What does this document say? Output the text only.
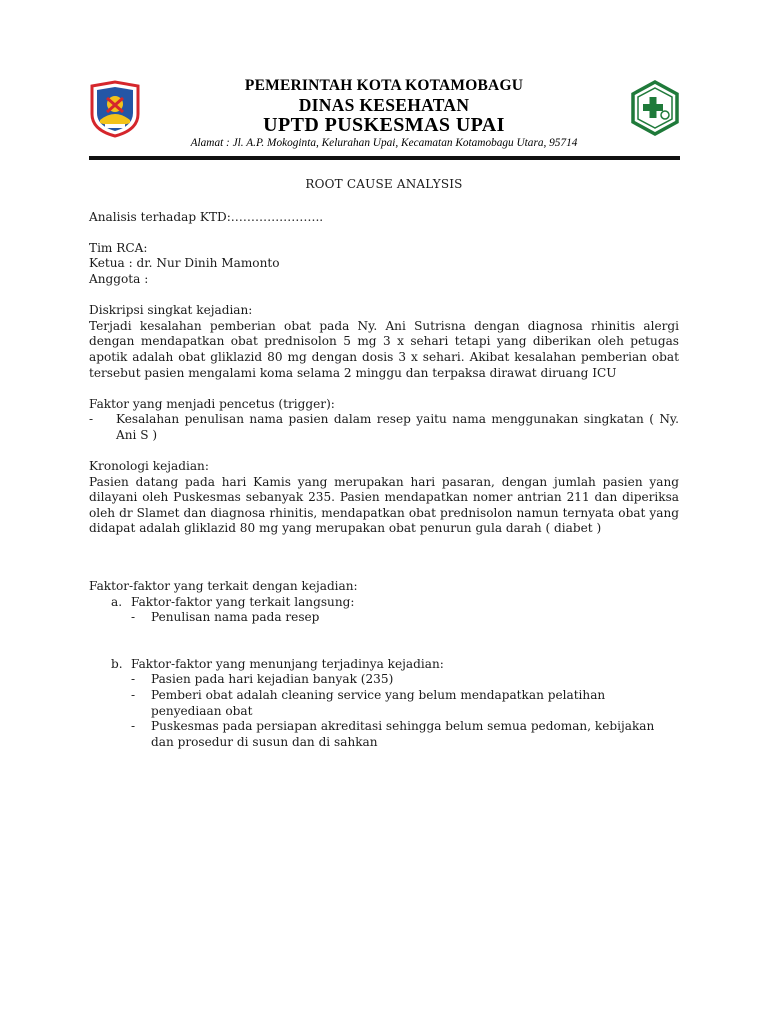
PEMERINTAH KOTA KOTAMOBAGU
DINAS KESEHATAN
UPTD PUSKESMAS UPAI
Alamat : Jl. A.P. Mokoginta, Kelurahan Upai, Kecamatan Kotamobagu Utara, 95714
ROOT CAUSE ANALYSIS

Analisis terhadap KTD:…………………..

Tim RCA:

Ketua : dr. Nur Dinih Mamonto

Anggota :

Diskripsi singkat kejadian:

Terjadi kesalahan pemberian obat pada Ny. Ani Sutrisna dengan diagnosa rhinitis alergi dengan mendapatkan obat prednisolon 5 mg 3 x sehari tetapi yang diberikan oleh petugas apotik adalah obat gliklazid 80 mg dengan dosis 3 x sehari. Akibat kesalahan pemberian obat tersebut pasien mengalami koma selama 2 minggu dan terpaksa dirawat diruang ICU

Faktor yang menjadi pencetus (trigger):

-	Kesalahan penulisan nama pasien dalam resep yaitu nama menggunakan singkatan ( Ny. Ani S )

Kronologi kejadian:

Pasien datang pada hari Kamis yang merupakan hari pasaran, dengan jumlah pasien yang dilayani oleh Puskesmas sebanyak 235. Pasien mendapatkan nomer antrian 211 dan diperiksa oleh dr Slamet dan diagnosa rhinitis, mendapatkan obat prednisolon namun ternyata obat yang didapat adalah gliklazid 80 mg yang merupakan obat penurun gula darah ( diabet )

Faktor-faktor yang terkait dengan kejadian:

a. Faktor-faktor yang terkait langsung:
-	Penulisan nama pada resep
b. Faktor-faktor yang menunjang terjadinya kejadian:
-	Pasien pada hari kejadian banyak (235)
-	Pemberi obat adalah cleaning service yang belum mendapatkan pelatihan penyediaan obat
-	Puskesmas pada persiapan akreditasi sehingga belum semua pedoman, kebijakan dan prosedur di susun dan di sahkan
